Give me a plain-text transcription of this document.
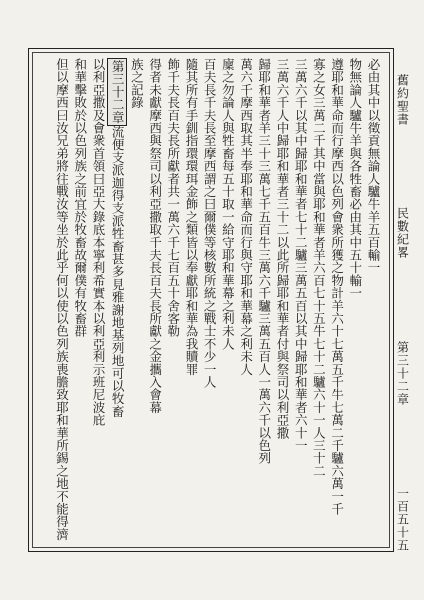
舊約聖書
民數紀畧
第三十二章
一百五十五
必由其中以徵貢無論人驢牛羊五百輸一
物無論人驢牛羊與各牲畜必由其中五十輸一
遵耶和華命而行摩西以色列會衆所獲之物計羊六十七萬五千牛七萬二千驢六萬一千
寡之女三萬二千其中當與耶和華者羊六百七十五牛七十二驢六十一人三十二
三萬六千以其中歸耶和華者七十二驢三萬五百以其中歸耶和華者六十一
三萬六千人中歸耶和華者三十二以此所歸耶和華者付與祭司以利亞撒
歸耶和華者羊三十三萬七千五百牛三萬六千驢三萬五百人一萬六千以色列
萬六千摩西取其半奉耶和華命而行與守耶和華幕之利未人
廩之勿論人與牲畜每五十取一給守耶和華幕之利未人
百夫長千夫長至摩西謂之曰爾僕等核數所統之戰士不少一人
隨其所有手釧指環環珥金飾之類皆以奉獻耶和華為我贖罪
飾千夫長百夫長所獻者共一萬六千七百五十舍客勒
得者未獻摩西與祭司以利亞撒取千夫長百夫長所獻之金攜入會幕
族之記錄
第三十二章流便支派迦得支派牲畜甚多見雅謝地基列地可以牧畜
以利亞撒及會衆首領曰亞大錄底本寧利希實本以利亞利示班尼波庇
和華擊敗於以色列族之前宜於牧畜故爾僕有牧畜群
但以摩西曰汝兄弟將往戰汝等坐於此乎何以使以色列族喪膽致耶和華所錫之地不能得濟
